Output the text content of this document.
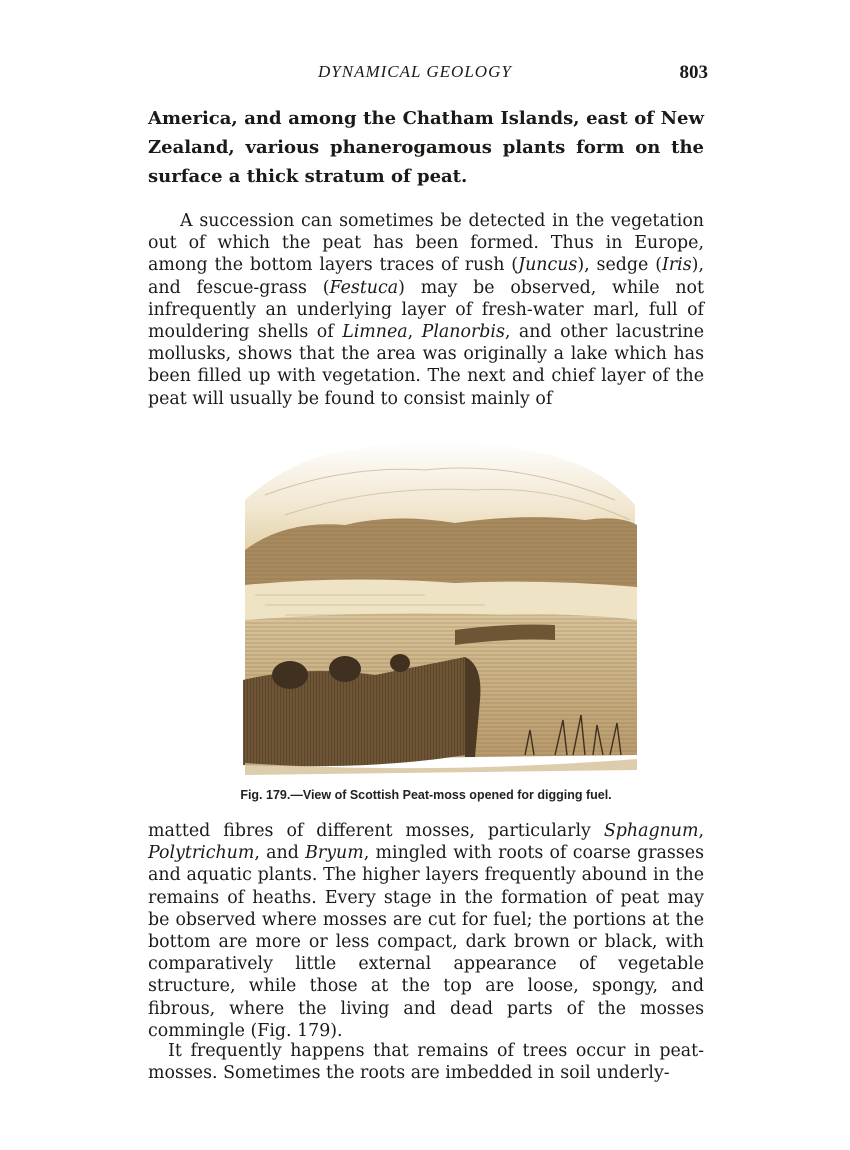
DYNAMICAL GEOLOGY	803

America, and among the Chatham Islands, east of New Zealand, various phanerogamous plants form on the surface a thick stratum of peat.

A succession can sometimes be detected in the vegetation out of which the peat has been formed. Thus in Europe, among the bottom layers traces of rush (Juncus), sedge (Iris), and fescue-grass (Festuca) may be observed, while not infrequently an underlying layer of fresh-water marl, full of mouldering shells of Limnea, Planorbis, and other lacustrine mollusks, shows that the area was originally a lake which has been filled up with vegetation. The next and chief layer of the peat will usually be found to consist mainly of

Fig. 179.—View of Scottish Peat-moss opened for digging fuel.

matted fibres of different mosses, particularly Sphagnum, Polytrichum, and Bryum, mingled with roots of coarse grasses and aquatic plants. The higher layers frequently abound in the remains of heaths. Every stage in the formation of peat may be observed where mosses are cut for fuel; the portions at the bottom are more or less compact, dark brown or black, with comparatively little external appearance of vegetable structure, while those at the top are loose, spongy, and fibrous, where the living and dead parts of the mosses commingle (Fig. 179).

It frequently happens that remains of trees occur in peat-mosses. Sometimes the roots are imbedded in soil underly-
